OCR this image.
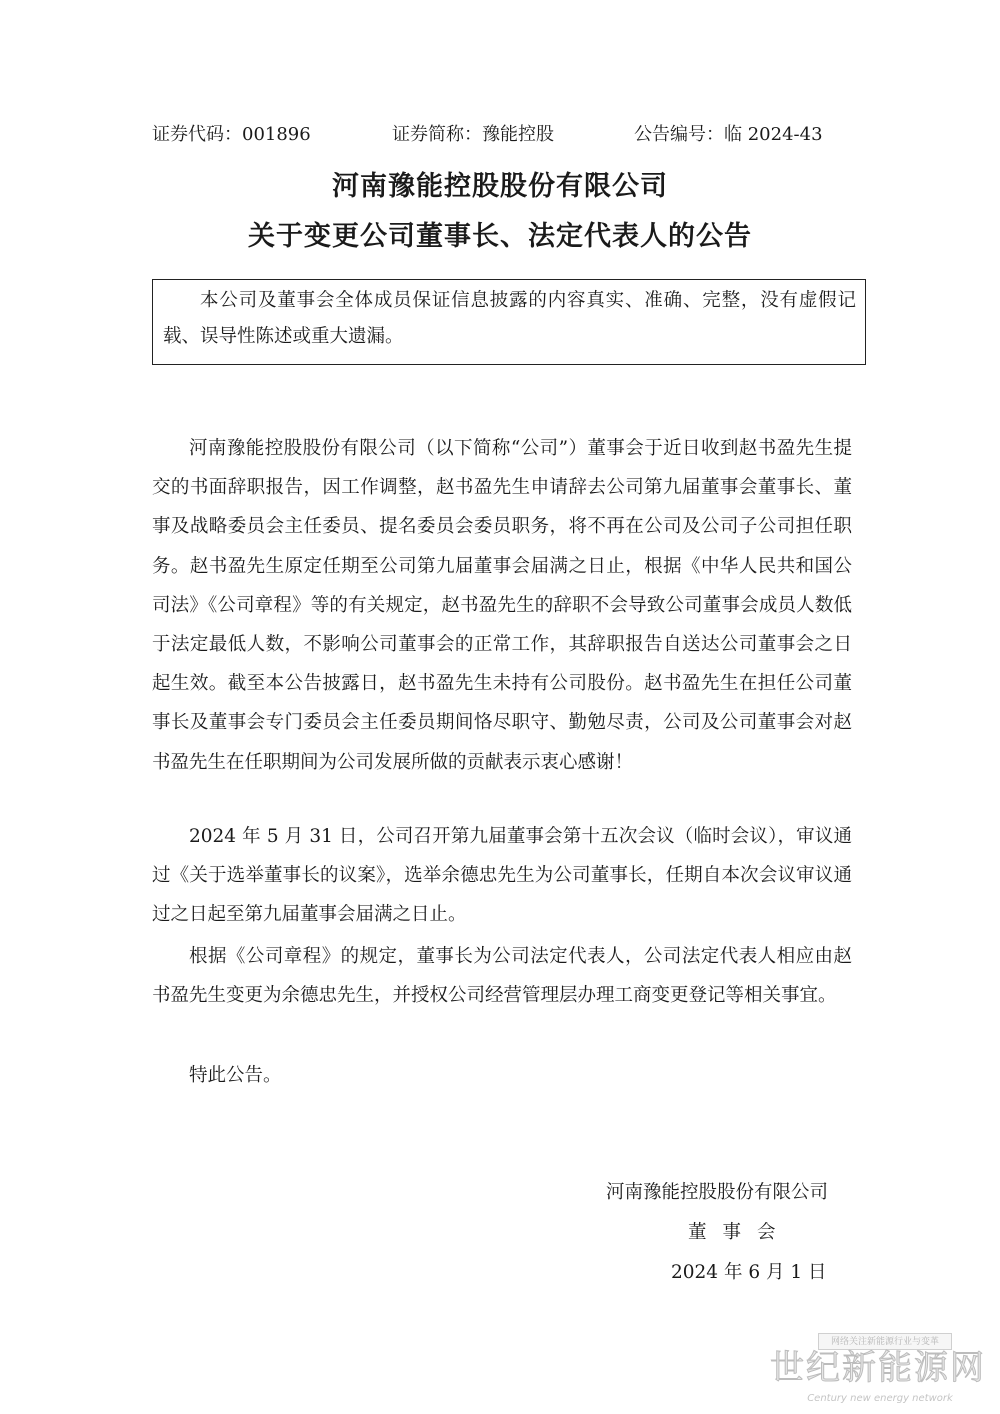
证券代码：001896	证券简称：豫能控股	公告编号：临 2024-43
河南豫能控股股份有限公司
关于变更公司董事长、法定代表人的公告
本公司及董事会全体成员保证信息披露的内容真实、准确、完整，没有虚假记载、误导性陈述或重大遗漏。
河南豫能控股股份有限公司（以下简称“公司”）董事会于近日收到赵书盈先生提交的书面辞职报告，因工作调整，赵书盈先生申请辞去公司第九届董事会董事长、董事及战略委员会主任委员、提名委员会委员职务，将不再在公司及公司子公司担任职务。赵书盈先生原定任期至公司第九届董事会届满之日止，根据《中华人民共和国公司法》《公司章程》等的有关规定，赵书盈先生的辞职不会导致公司董事会成员人数低于法定最低人数，不影响公司董事会的正常工作，其辞职报告自送达公司董事会之日起生效。截至本公告披露日，赵书盈先生未持有公司股份。赵书盈先生在担任公司董事长及董事会专门委员会主任委员期间恪尽职守、勤勉尽责，公司及公司董事会对赵书盈先生在任职期间为公司发展所做的贡献表示衷心感谢！
2024 年 5 月 31 日，公司召开第九届董事会第十五次会议（临时会议），审议通过《关于选举董事长的议案》，选举余德忠先生为公司董事长，任期自本次会议审议通过之日起至第九届董事会届满之日止。
根据《公司章程》的规定，董事长为公司法定代表人，公司法定代表人相应由赵书盈先生变更为余德忠先生，并授权公司经营管理层办理工商变更登记等相关事宜。
特此公告。
河南豫能控股股份有限公司
董事会
2024 年 6 月 1 日
网络关注新能源行业与变革
世纪新能源网
Century new energy network
